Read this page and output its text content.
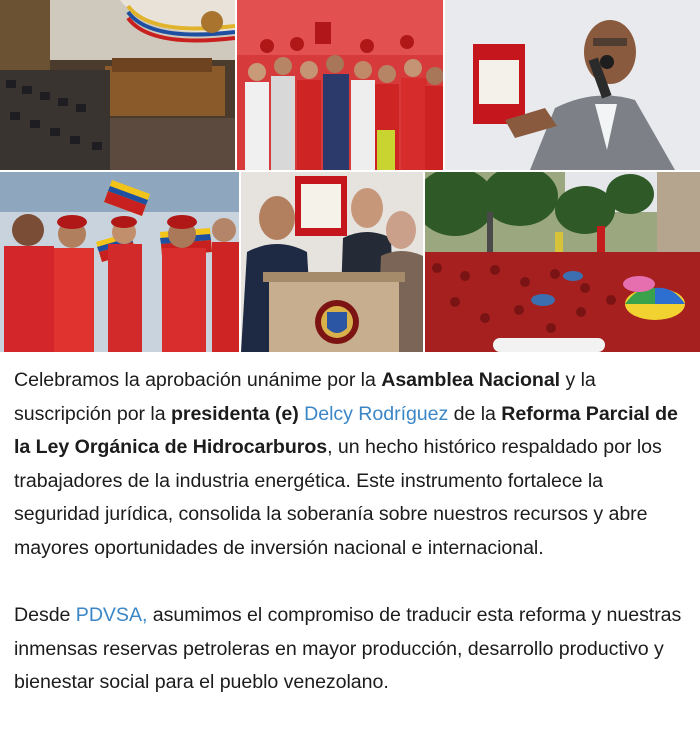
Celebramos la aprobación unánime por la Asamblea Nacional y la suscripción por la presidenta (e) Delcy Rodríguez de la Reforma Parcial de la Ley Orgánica de Hidrocarburos, un hecho histórico respaldado por los trabajadores de la industria energética. Este instrumento fortalece la seguridad jurídica, consolida la soberanía sobre nuestros recursos y abre mayores oportunidades de inversión nacional e internacional.

Desde PDVSA, asumimos el compromiso de traducir esta reforma y nuestras inmensas reservas petroleras en mayor producción, desarrollo productivo y bienestar social para el pueblo venezolano.
